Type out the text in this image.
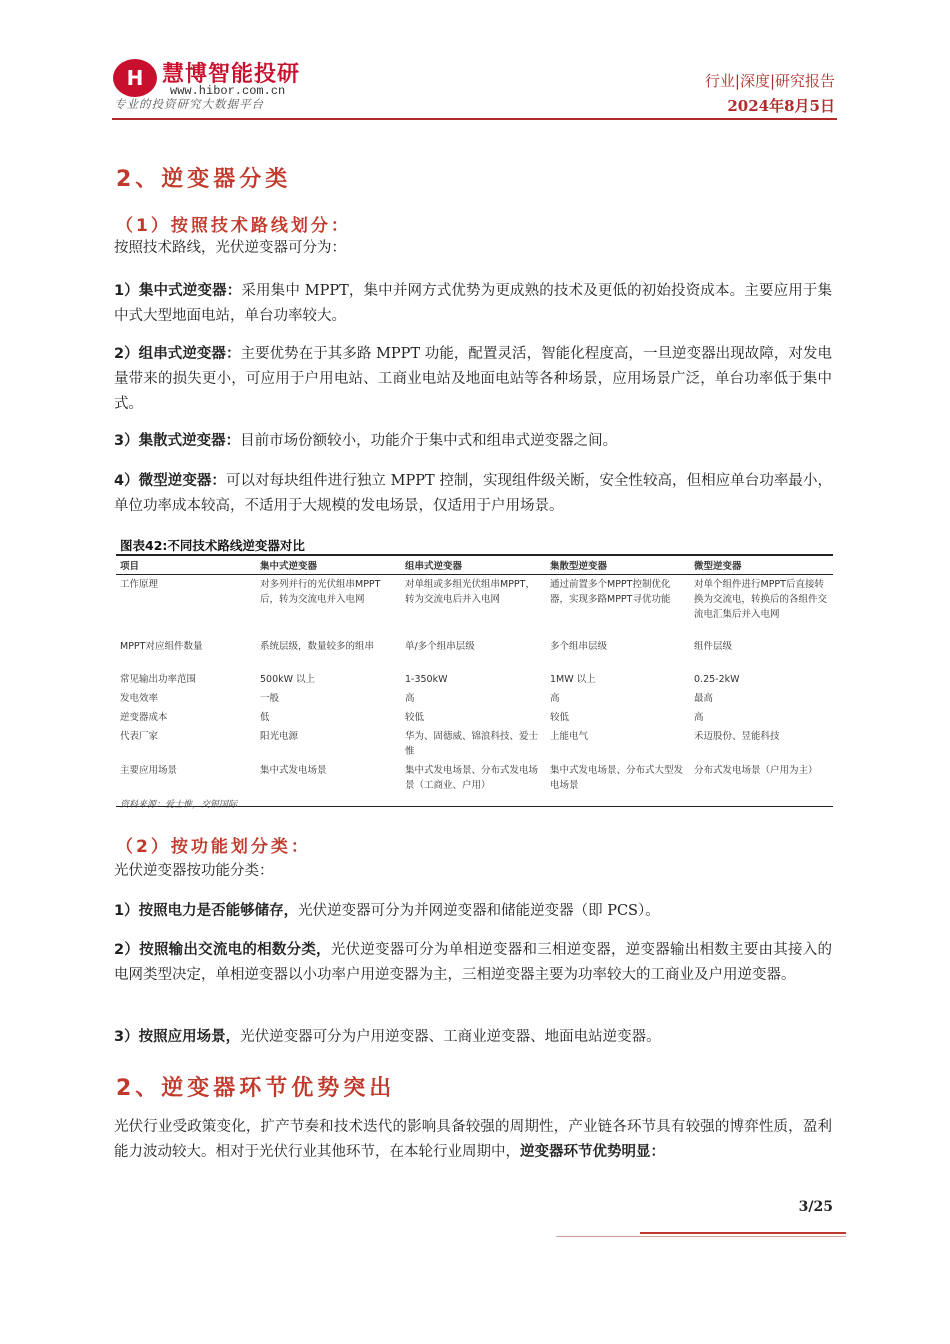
H 慧博智能投研
www.hibor.com.cn
专业的投资研究大数据平台
行业|深度|研究报告
2024年8月5日
2、逆变器分类
（1）按照技术路线划分：
按照技术路线，光伏逆变器可分为：
1）集中式逆变器：采用集中 MPPT，集中并网方式优势为更成熟的技术及更低的初始投资成本。主要应用于集中式大型地面电站，单台功率较大。
2）组串式逆变器：主要优势在于其多路 MPPT 功能，配置灵活，智能化程度高，一旦逆变器出现故障，对发电量带来的损失更小，可应用于户用电站、工商业电站及地面电站等各种场景，应用场景广泛，单台功率低于集中式。
3）集散式逆变器：目前市场份额较小，功能介于集中式和组串式逆变器之间。
4）微型逆变器：可以对每块组件进行独立 MPPT 控制，实现组件级关断，安全性较高，但相应单台功率最小，单位功率成本较高，不适用于大规模的发电场景，仅适用于户用场景。
图表42:不同技术路线逆变器对比
项目	集中式逆变器	组串式逆变器	集散型逆变器	微型逆变器
工作原理	对多列并行的光伏组串MPPT后，转为交流电并入电网	对单组或多组光伏组串MPPT，转为交流电后并入电网	通过前置多个MPPT控制优化器，实现多路MPPT寻优功能	对单个组件进行MPPT后直接转换为交流电，转换后的各组件交流电汇集后并入电网
MPPT对应组件数量	系统层级，数量较多的组串	单/多个组串层级	多个组串层级	组件层级
常见输出功率范围	500kW 以上	1-350kW	1MW 以上	0.25-2kW
发电效率	一般	高	高	最高
逆变器成本	低	较低	较低	高
代表厂家	阳光电源	华为、固德威、锦浪科技、爱士惟	上能电气	禾迈股份、昱能科技
主要应用场景	集中式发电场景	集中式发电场景、分布式发电场景（工商业、户用）	集中式发电场景、分布式大型发电场景	分布式发电场景（户用为主）
资料来源：爱士惟，交银国际
（2）按功能划分类：
光伏逆变器按功能分类：
1）按照电力是否能够储存，光伏逆变器可分为并网逆变器和储能逆变器（即 PCS）。
2）按照输出交流电的相数分类，光伏逆变器可分为单相逆变器和三相逆变器，逆变器输出相数主要由其接入的电网类型决定，单相逆变器以小功率户用逆变器为主，三相逆变器主要为功率较大的工商业及户用逆变器。
3）按照应用场景，光伏逆变器可分为户用逆变器、工商业逆变器、地面电站逆变器。
2、逆变器环节优势突出
光伏行业受政策变化，扩产节奏和技术迭代的影响具备较强的周期性，产业链各环节具有较强的博弈性质，盈利能力波动较大。相对于光伏行业其他环节，在本轮行业周期中，逆变器环节优势明显：
3/25
